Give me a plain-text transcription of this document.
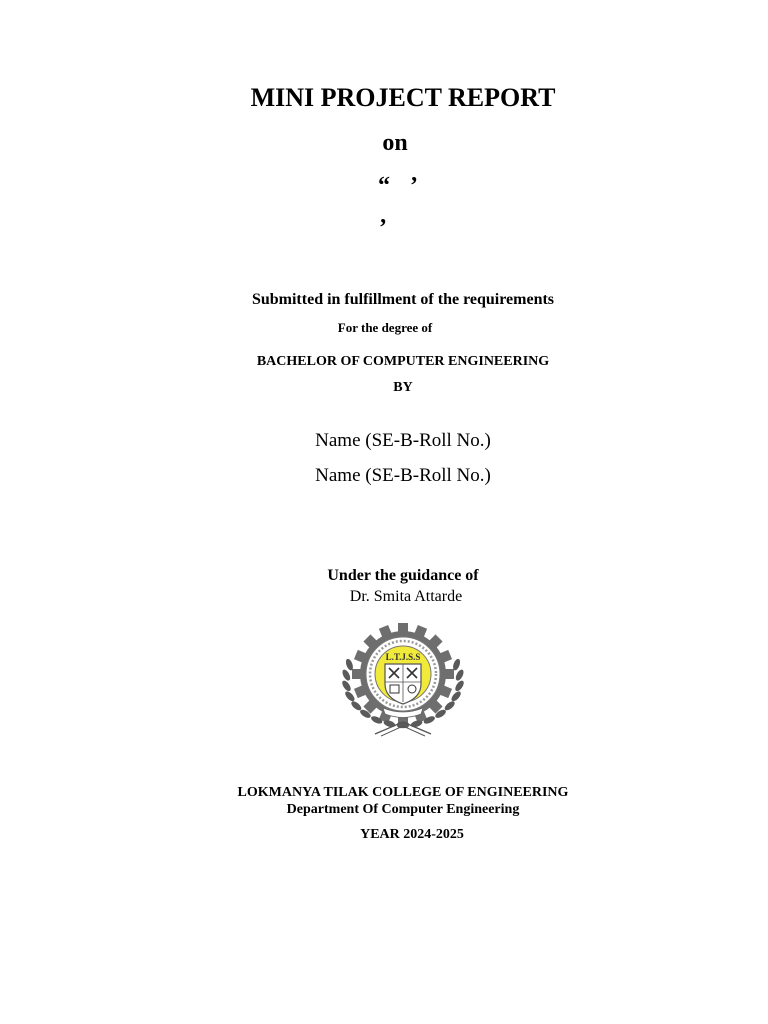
MINI PROJECT REPORT
on
“ ’
’
Submitted in fulfillment of the requirements
For the degree of
BACHELOR OF COMPUTER ENGINEERING
BY
Name (SE-B-Roll No.)
Name (SE-B-Roll No.)
Under the guidance of
Dr. Smita Attarde
L.T.J.S.S
LOKMANYA TILAK COLLEGE OF ENGINEERING
Department Of Computer Engineering
YEAR 2024-2025
